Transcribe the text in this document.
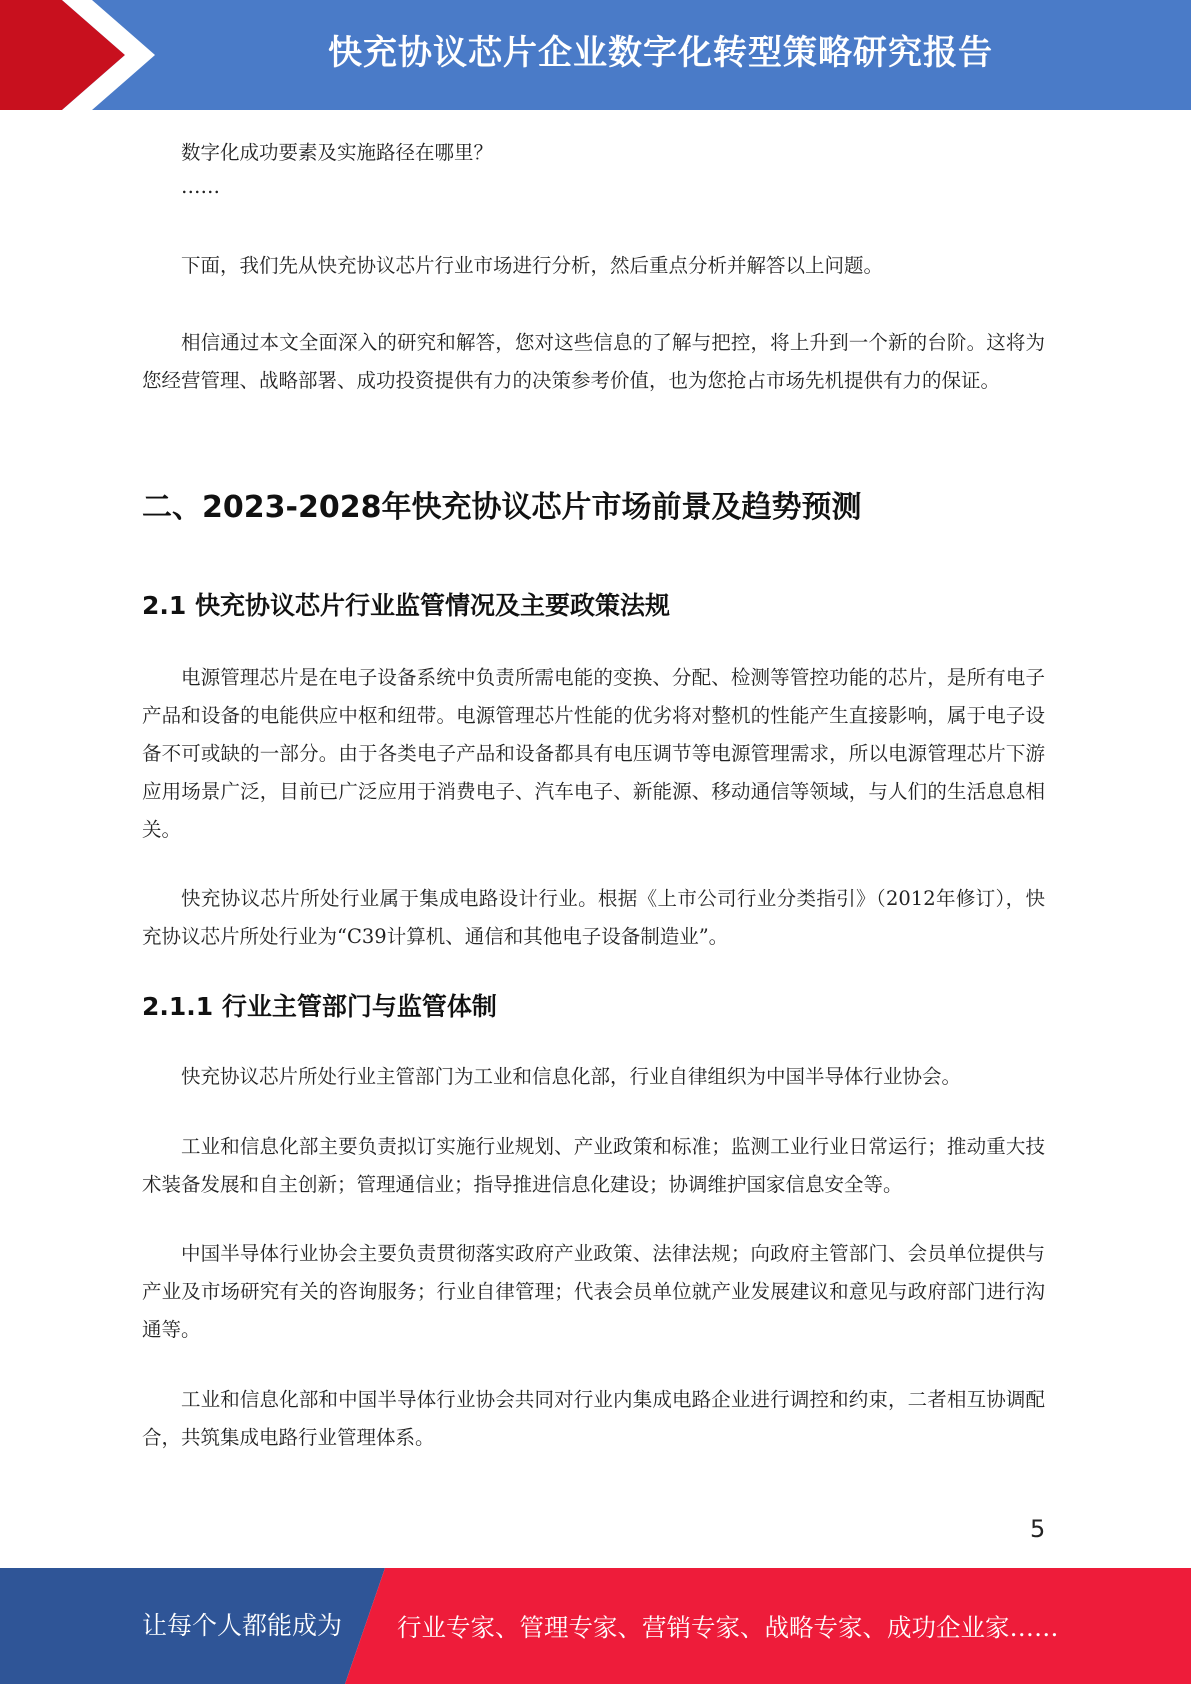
快充协议芯片企业数字化转型策略研究报告

数字化成功要素及实施路径在哪里？

……

下面，我们先从快充协议芯片行业市场进行分析，然后重点分析并解答以上问题。

相信通过本文全面深入的研究和解答，您对这些信息的了解与把控，将上升到一个新的台阶。这将为您经营管理、战略部署、成功投资提供有力的决策参考价值，也为您抢占市场先机提供有力的保证。

二、2023-2028年快充协议芯片市场前景及趋势预测
2.1 快充协议芯片行业监管情况及主要政策法规

电源管理芯片是在电子设备系统中负责所需电能的变换、分配、检测等管控功能的芯片，是所有电子产品和设备的电能供应中枢和纽带。电源管理芯片性能的优劣将对整机的性能产生直接影响，属于电子设备不可或缺的一部分。由于各类电子产品和设备都具有电压调节等电源管理需求，所以电源管理芯片下游应用场景广泛，目前已广泛应用于消费电子、汽车电子、新能源、移动通信等领域，与人们的生活息息相关。

快充协议芯片所处行业属于集成电路设计行业。根据《上市公司行业分类指引》（2012年修订），快充协议芯片所处行业为“C39计算机、通信和其他电子设备制造业”。

2.1.1 行业主管部门与监管体制

快充协议芯片所处行业主管部门为工业和信息化部，行业自律组织为中国半导体行业协会。

工业和信息化部主要负责拟订实施行业规划、产业政策和标准；监测工业行业日常运行；推动重大技术装备发展和自主创新；管理通信业；指导推进信息化建设；协调维护国家信息安全等。

中国半导体行业协会主要负责贯彻落实政府产业政策、法律法规；向政府主管部门、会员单位提供与产业及市场研究有关的咨询服务；行业自律管理；代表会员单位就产业发展建议和意见与政府部门进行沟通等。

工业和信息化部和中国半导体行业协会共同对行业内集成电路企业进行调控和约束，二者相互协调配合，共筑集成电路行业管理体系。

5
让每个人都能成为 行业专家、管理专家、营销专家、战略专家、成功企业家……
